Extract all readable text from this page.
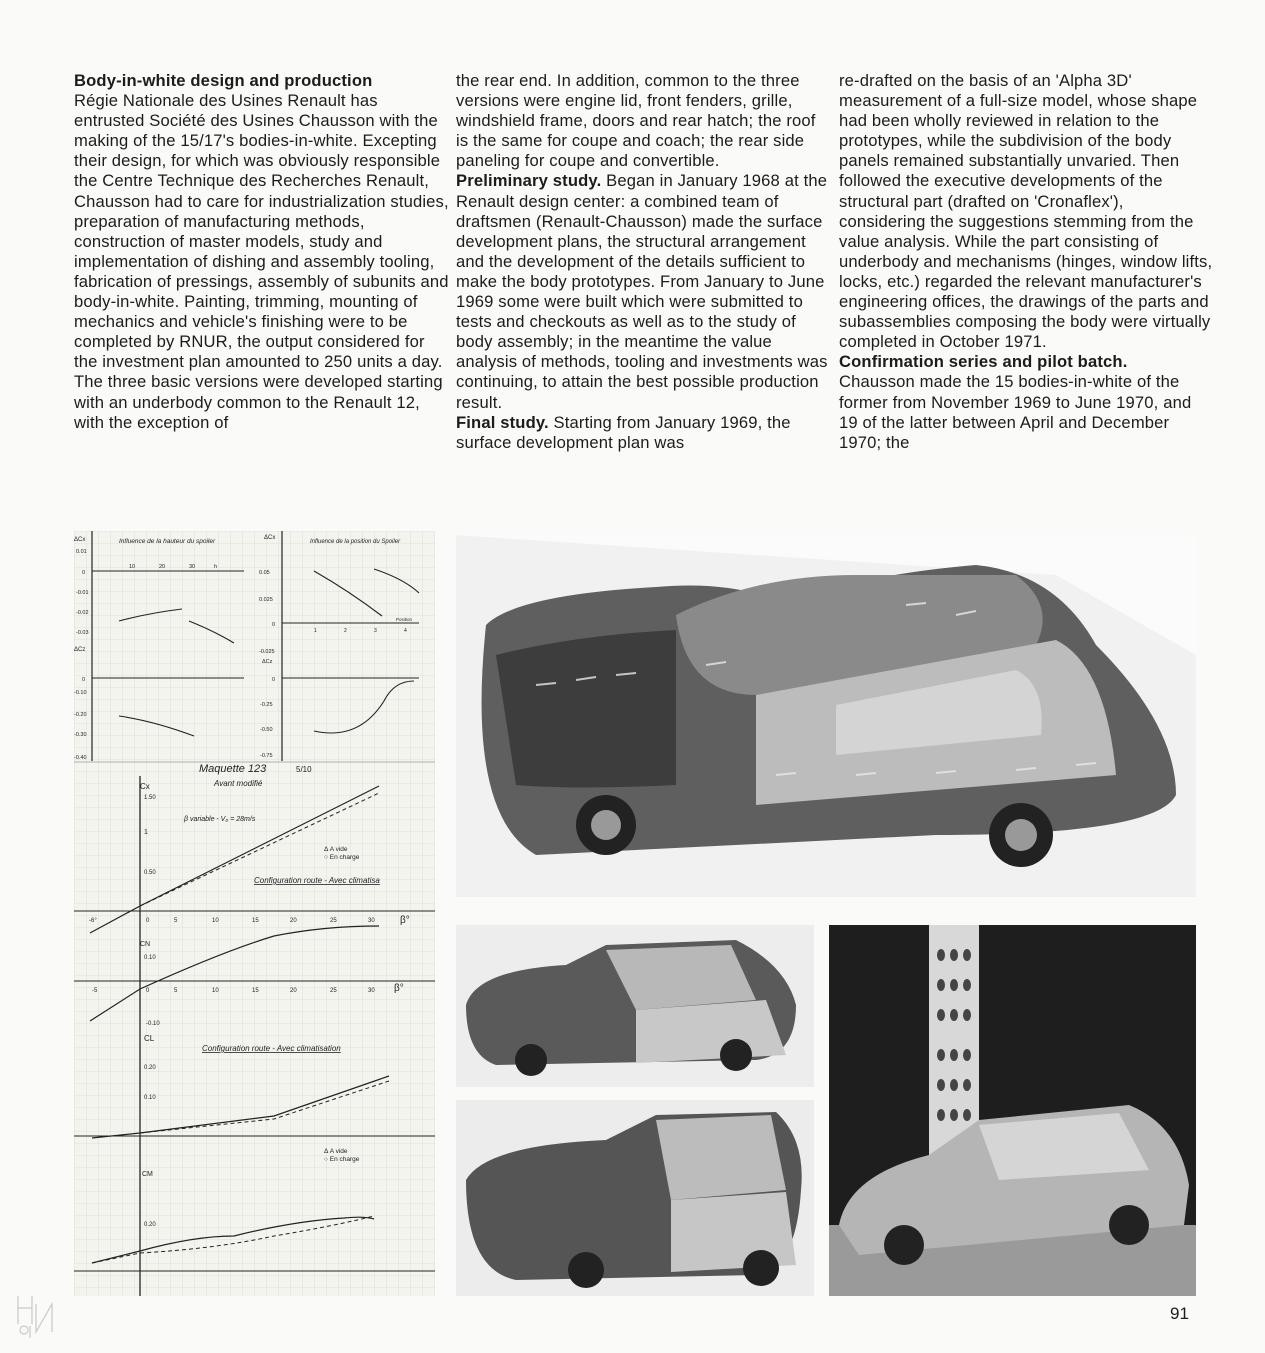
Body-in-white design and production
Régie Nationale des Usines Renault has entrusted Société des Usines Chausson with the making of the 15/17's bodies-in-white. Excepting their design, for which was obviously responsible the Centre Technique des Recherches Renault, Chausson had to care for industrialization studies, preparation of manufacturing methods, construction of master models, study and implementation of dishing and assembly tooling, fabrication of pressings, assembly of subunits and body-in-white. Painting, trimming, mounting of mechanics and vehicle's finishing were to be completed by RNUR, the output considered for the investment plan amounted to 250 units a day.

The three basic versions were developed starting with an underbody common to the Renault 12, with the exception of

the rear end. In addition, common to the three versions were engine lid, front fenders, grille, windshield frame, doors and rear hatch; the roof is the same for coupe and coach; the rear side paneling for coupe and convertible.

Preliminary study. Began in January 1968 at the Renault design center: a combined team of draftsmen (Renault-Chausson) made the surface development plans, the structural arrangement and the development of the details sufficient to make the body prototypes. From January to June 1969 some were built which were submitted to tests and checkouts as well as to the study of body assembly; in the meantime the value analysis of methods, tooling and investments was continuing, to attain the best possible production result.

Final study. Starting from January 1969, the surface development plan was

re-drafted on the basis of an 'Alpha 3D' measurement of a full-size model, whose shape had been wholly reviewed in relation to the prototypes, while the subdivision of the body panels remained substantially unvaried. Then followed the executive developments of the structural part (drafted on 'Cronaflex'), considering the suggestions stemming from the value analysis. While the part consisting of underbody and mechanisms (hinges, window lifts, locks, etc.) regarded the relevant manufacturer's engineering offices, the drawings of the parts and subassemblies composing the body were virtually completed in October 1971.

Confirmation series and pilot batch.
Chausson made the 15 bodies-in-white of the former from November 1969 to June 1970, and 19 of the latter between April and December 1970; the

Influence de la hauteur du spoiler
ΔCx
ΔCz
0.01
0
-0.01
-0.02
-0.03
10	20	30	h
0
-0.10
-0.20
-0.30
-0.40
Influence de la position du Spoiler
ΔCx
0.05
0.025
0
-0.025
ΔCz
0
-0.25
-0.50
-0.75
1	2	3	4
Position
Maquette 123	5/10
Avant modifié
Cx
1.50
1
0.50
β variable - V₀ = 28m/s
Δ A vide
○ En charge
Configuration route - Avec climatisa
-6°	0	5	10	15	20	25	30	β°
CN
0.10
-5	0	5	10	15	20	25	30 β°
-0.10
CL
Configuration route - Avec climatisation
0.20
0.10
Δ A vide
○ En charge
CM
0.20
91
